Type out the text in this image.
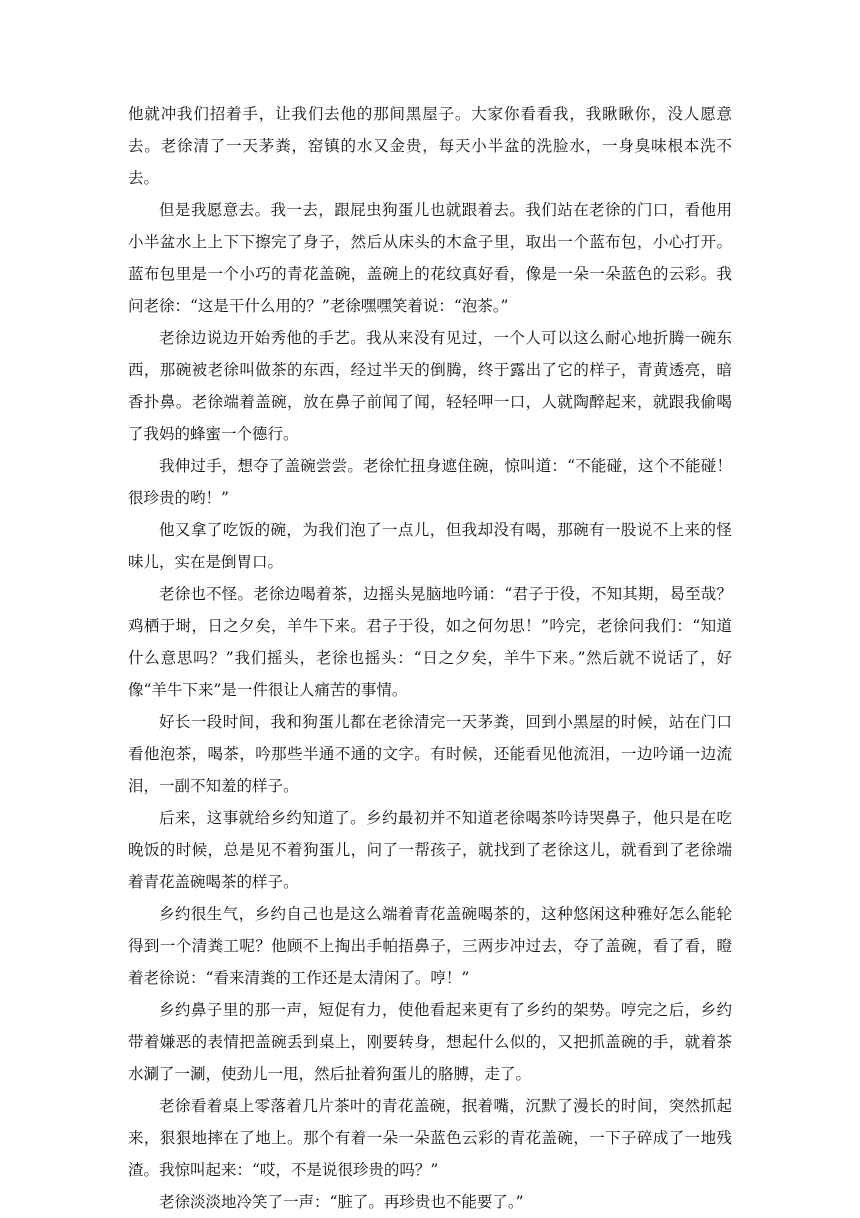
他就冲我们招着手，让我们去他的那间黑屋子。大家你看看我，我瞅瞅你，没人愿意去。老徐清了一天茅粪，窑镇的水又金贵，每天小半盆的洗脸水，一身臭味根本洗不去。

但是我愿意去。我一去，跟屁虫狗蛋儿也就跟着去。我们站在老徐的门口，看他用小半盆水上上下下擦完了身子，然后从床头的木盒子里，取出一个蓝布包，小心打开。蓝布包里是一个小巧的青花盖碗，盖碗上的花纹真好看，像是一朵一朵蓝色的云彩。我问老徐：“这是干什么用的？”老徐嘿嘿笑着说：“泡茶。”

老徐边说边开始秀他的手艺。我从来没有见过，一个人可以这么耐心地折腾一碗东西，那碗被老徐叫做茶的东西，经过半天的倒腾，终于露出了它的样子，青黄透亮，暗香扑鼻。老徐端着盖碗，放在鼻子前闻了闻，轻轻呷一口，人就陶醉起来，就跟我偷喝了我妈的蜂蜜一个德行。

我伸过手，想夺了盖碗尝尝。老徐忙扭身遮住碗，惊叫道：“不能碰，这个不能碰！很珍贵的哟！”

他又拿了吃饭的碗，为我们泡了一点儿，但我却没有喝，那碗有一股说不上来的怪味儿，实在是倒胃口。

老徐也不怪。老徐边喝着茶，边摇头晃脑地吟诵：“君子于役，不知其期，曷至哉？鸡栖于埘，日之夕矣，羊牛下来。君子于役，如之何勿思！”吟完，老徐问我们：“知道什么意思吗？”我们摇头，老徐也摇头：“日之夕矣，羊牛下来。”然后就不说话了，好像“羊牛下来”是一件很让人痛苦的事情。

好长一段时间，我和狗蛋儿都在老徐清完一天茅粪，回到小黑屋的时候，站在门口看他泡茶，喝茶，吟那些半通不通的文字。有时候，还能看见他流泪，一边吟诵一边流泪，一副不知羞的样子。

后来，这事就给乡约知道了。乡约最初并不知道老徐喝茶吟诗哭鼻子，他只是在吃晚饭的时候，总是见不着狗蛋儿，问了一帮孩子，就找到了老徐这儿，就看到了老徐端着青花盖碗喝茶的样子。

乡约很生气，乡约自己也是这么端着青花盖碗喝茶的，这种悠闲这种雅好怎么能轮得到一个清粪工呢？他顾不上掏出手帕捂鼻子，三两步冲过去，夺了盖碗，看了看，瞪着老徐说：“看来清粪的工作还是太清闲了。哼！”

乡约鼻子里的那一声，短促有力，使他看起来更有了乡约的架势。哼完之后，乡约带着嫌恶的表情把盖碗丢到桌上，刚要转身，想起什么似的，又把抓盖碗的手，就着茶水涮了一涮，使劲儿一甩，然后扯着狗蛋儿的胳膊，走了。

老徐看着桌上零落着几片茶叶的青花盖碗，抿着嘴，沉默了漫长的时间，突然抓起来，狠狠地摔在了地上。那个有着一朵一朵蓝色云彩的青花盖碗，一下子碎成了一地残渣。我惊叫起来：“哎，不是说很珍贵的吗？”

老徐淡淡地冷笑了一声：“脏了。再珍贵也不能要了。”
